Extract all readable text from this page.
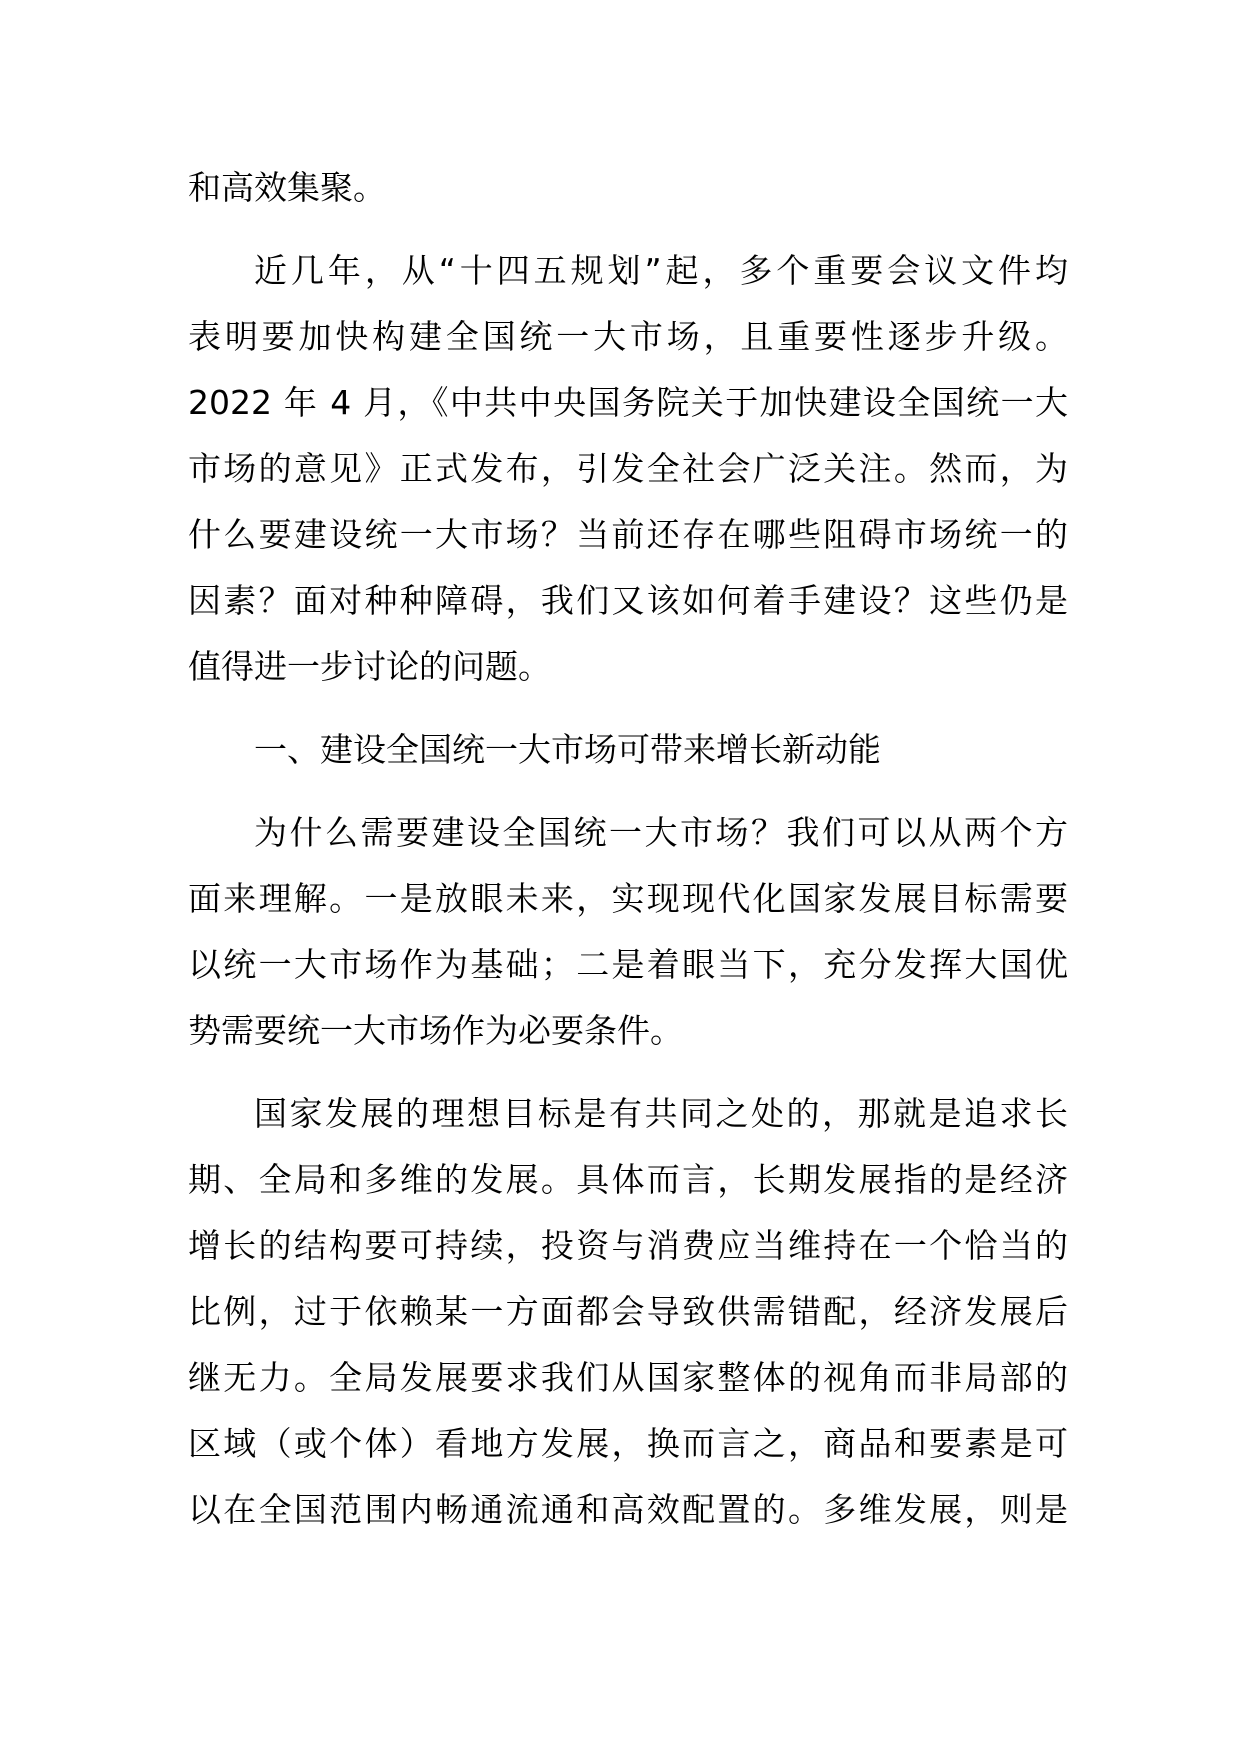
和高效集聚。
近几年，从“十四五规划”起，多个重要会议文件均
表明要加快构建全国统一大市场，且重要性逐步升级。
2022 年 4 月，《中共中央国务院关于加快建设全国统一大
市场的意见》正式发布，引发全社会广泛关注。然而，为
什么要建设统一大市场？当前还存在哪些阻碍市场统一的
因素？面对种种障碍，我们又该如何着手建设？这些仍是
值得进一步讨论的问题。
一、建设全国统一大市场可带来增长新动能
为什么需要建设全国统一大市场？我们可以从两个方
面来理解。一是放眼未来，实现现代化国家发展目标需要
以统一大市场作为基础；二是着眼当下，充分发挥大国优
势需要统一大市场作为必要条件。
国家发展的理想目标是有共同之处的，那就是追求长
期、全局和多维的发展。具体而言，长期发展指的是经济
增长的结构要可持续，投资与消费应当维持在一个恰当的
比例，过于依赖某一方面都会导致供需错配，经济发展后
继无力。全局发展要求我们从国家整体的视角而非局部的
区域（或个体）看地方发展，换而言之，商品和要素是可
以在全国范围内畅通流通和高效配置的。多维发展，则是
